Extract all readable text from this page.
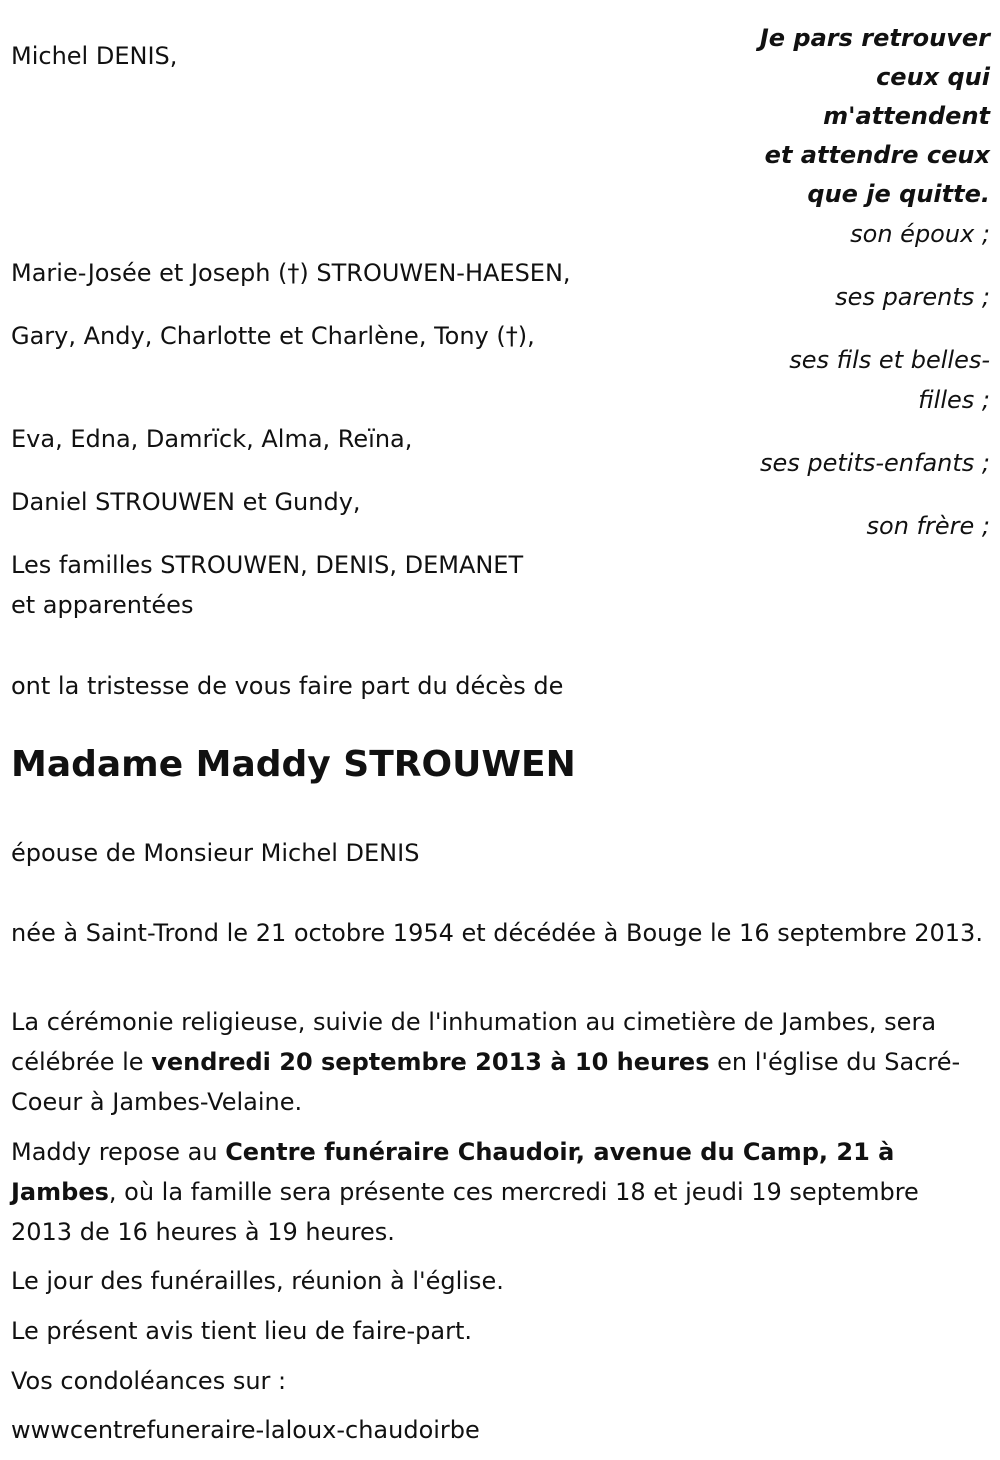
Michel DENIS,
Je pars retrouver
ceux qui
m'attendent
et attendre ceux
que je quitte.
son époux ;
ses parents ;
ses fils et belles-
filles ;
ses petits-enfants ;
son frère ;
Marie-Josée et Joseph (†) STROUWEN-HAESEN,
Gary, Andy, Charlotte et Charlène, Tony (†),
Eva, Edna, Damrïck, Alma, Reïna,
Daniel STROUWEN et Gundy,
Les familles STROUWEN, DENIS, DEMANET
et apparentées
ont la tristesse de vous faire part du décès de
Madame Maddy STROUWEN
épouse de Monsieur Michel DENIS
née à Saint-Trond le 21 octobre 1954 et décédée à Bouge le 16 septembre 2013.
La cérémonie religieuse, suivie de l'inhumation au cimetière de Jambes, sera célébrée le vendredi 20 septembre 2013 à 10 heures en l'église du Sacré-Coeur à Jambes-Velaine.
Maddy repose au Centre funéraire Chaudoir, avenue du Camp, 21 à Jambes, où la famille sera présente ces mercredi 18 et jeudi 19 septembre 2013 de 16 heures à 19 heures.
Le jour des funérailles, réunion à l'église.
Le présent avis tient lieu de faire-part.
Vos condoléances sur :
wwwcentrefuneraire-laloux-chaudoirbe
